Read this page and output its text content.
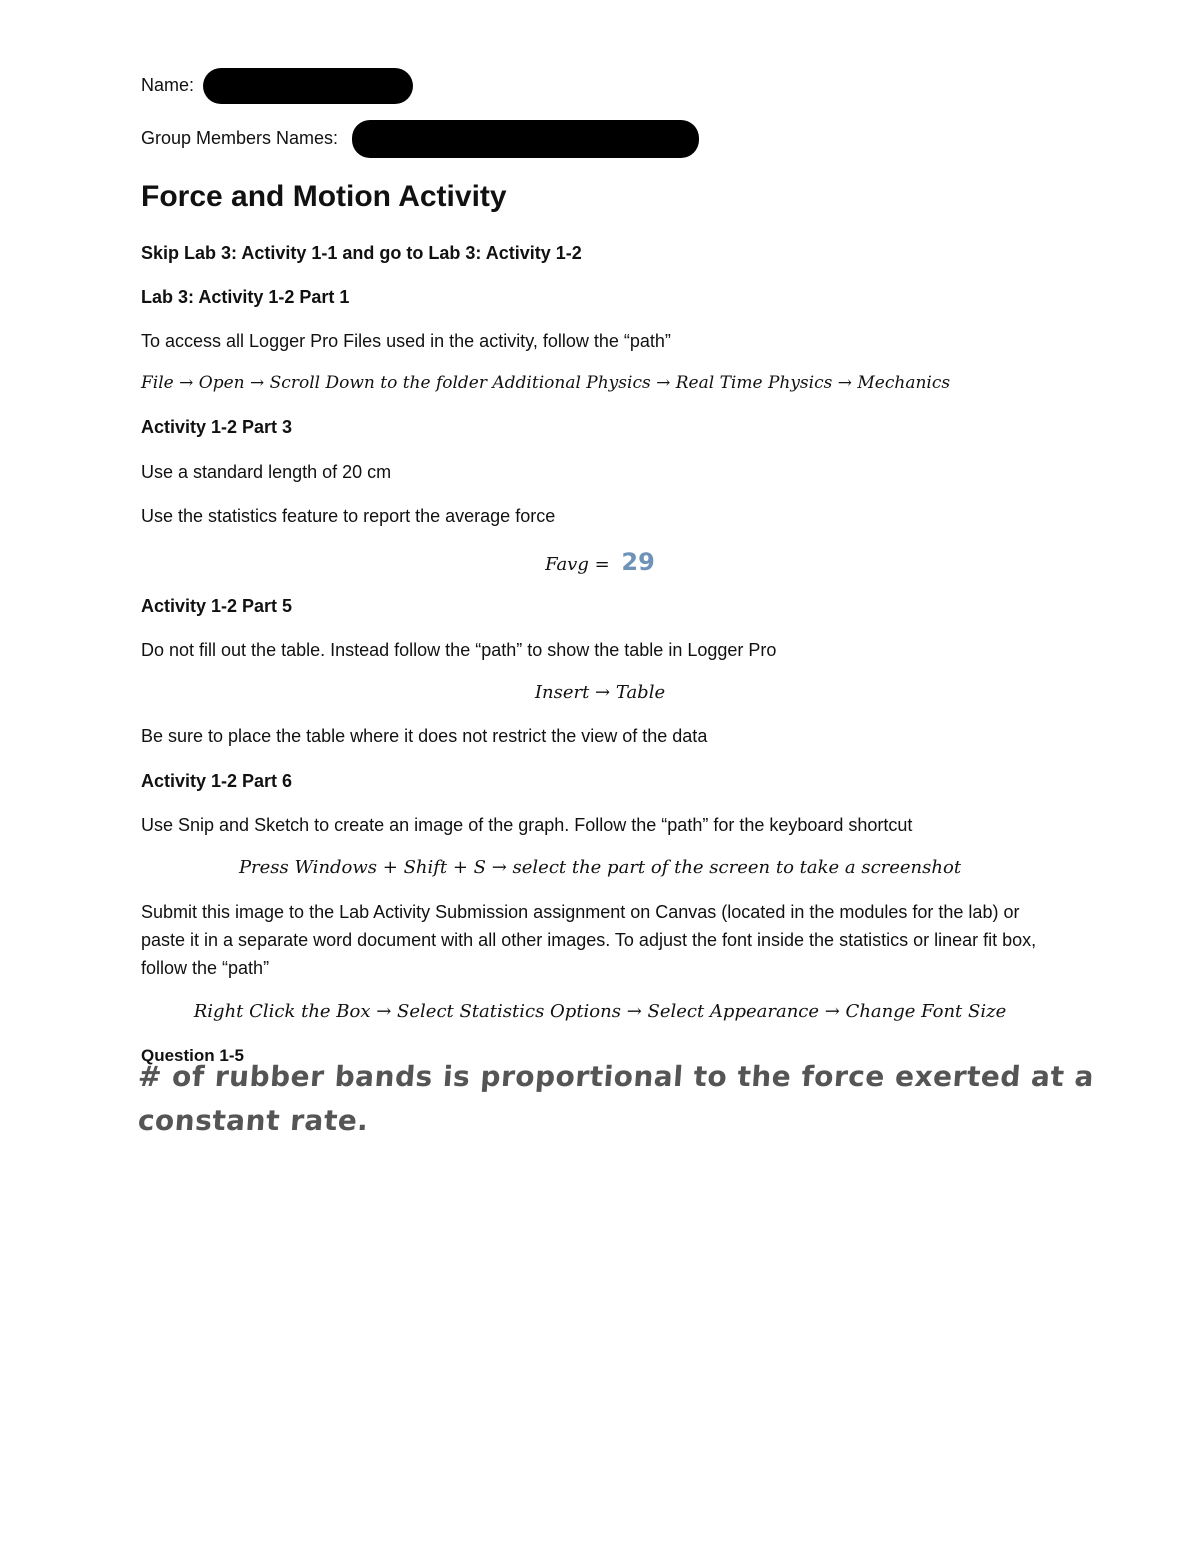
Name:
Group Members Names:
Force and Motion Activity
Skip Lab 3: Activity 1-1 and go to Lab 3: Activity 1-2
Lab 3: Activity 1-2 Part 1
To access all Logger Pro Files used in the activity, follow the “path”
File → Open → Scroll Down to the folder Additional Physics → Real Time Physics → Mechanics
Activity 1-2 Part 3
Use a standard length of 20 cm
Use the statistics feature to report the average force
Favg = 29
Activity 1-2 Part 5
Do not fill out the table. Instead follow the “path” to show the table in Logger Pro
Insert → Table
Be sure to place the table where it does not restrict the view of the data
Activity 1-2 Part 6
Use Snip and Sketch to create an image of the graph. Follow the “path” for the keyboard shortcut
Press Windows + Shift + S → select the part of the screen to take a screenshot
Submit this image to the Lab Activity Submission assignment on Canvas (located in the modules for the lab) or paste it in a separate word document with all other images. To adjust the font inside the statistics or linear fit box, follow the “path”
Right Click the Box → Select Statistics Options → Select Appearance → Change Font Size
Question 1-5
# of rubber bands is proportional to the force exerted at a
constant rate.
